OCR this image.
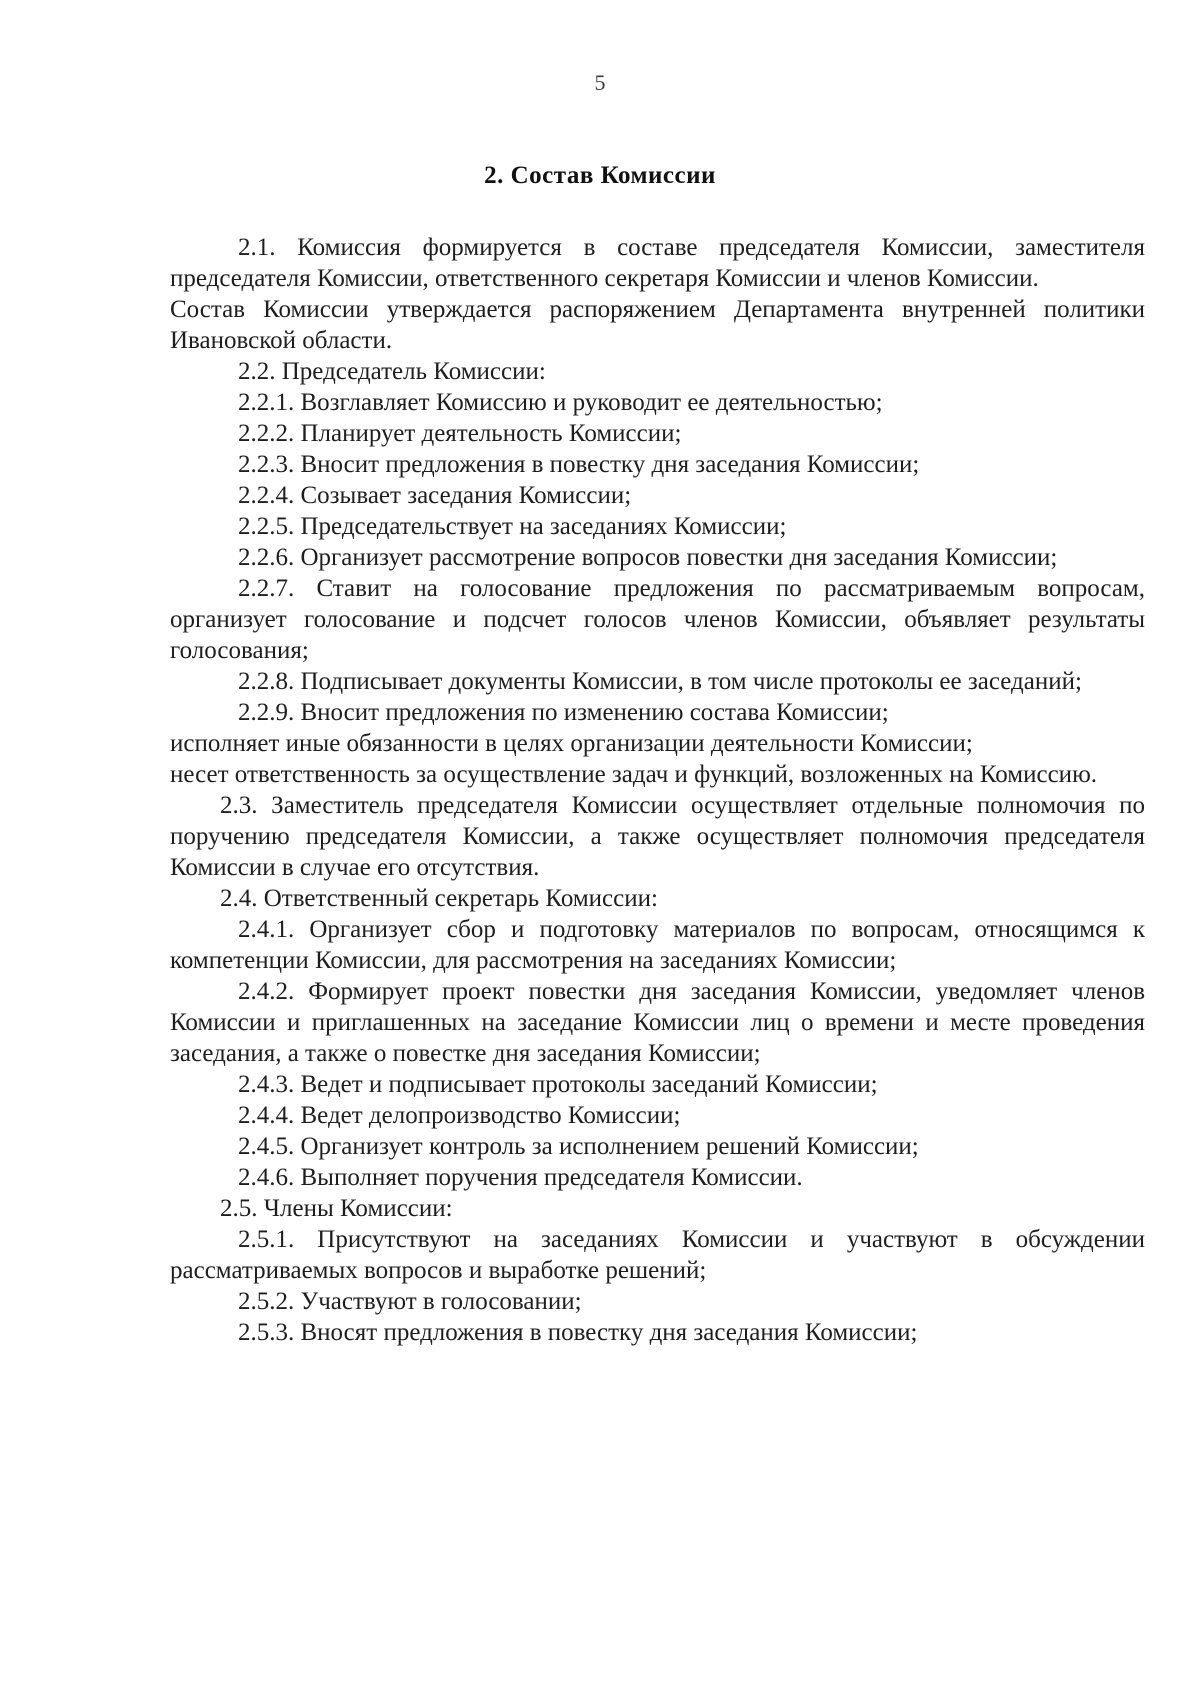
5
2. Состав Комиссии

2.1. Комиссия формируется в составе председателя Комиссии, заместителя председателя Комиссии, ответственного секретаря Комиссии и членов Комиссии.

Состав Комиссии утверждается распоряжением Департамента внутренней политики Ивановской области.

2.2. Председатель Комиссии:

2.2.1. Возглавляет Комиссию и руководит ее деятельностью;

2.2.2. Планирует деятельность Комиссии;

2.2.3. Вносит предложения в повестку дня заседания Комиссии;

2.2.4. Созывает заседания Комиссии;

2.2.5. Председательствует на заседаниях Комиссии;

2.2.6. Организует рассмотрение вопросов повестки дня заседания Комиссии;

2.2.7. Ставит на голосование предложения по рассматриваемым вопросам, организует голосование и подсчет голосов членов Комиссии, объявляет результаты голосования;

2.2.8. Подписывает документы Комиссии, в том числе протоколы ее заседаний;

2.2.9. Вносит предложения по изменению состава Комиссии;

исполняет иные обязанности в целях организации деятельности Комиссии;

несет ответственность за осуществление задач и функций, возложенных на Комиссию.

2.3. Заместитель председателя Комиссии осуществляет отдельные полномочия по поручению председателя Комиссии, а также осуществляет полномочия председателя Комиссии в случае его отсутствия.

2.4. Ответственный секретарь Комиссии:

2.4.1. Организует сбор и подготовку материалов по вопросам, относящимся к компетенции Комиссии, для рассмотрения на заседаниях Комиссии;

2.4.2. Формирует проект повестки дня заседания Комиссии, уведомляет членов Комиссии и приглашенных на заседание Комиссии лиц о времени и месте проведения заседания, а также о повестке дня заседания Комиссии;

2.4.3. Ведет и подписывает протоколы заседаний Комиссии;

2.4.4. Ведет делопроизводство Комиссии;

2.4.5. Организует контроль за исполнением решений Комиссии;

2.4.6. Выполняет поручения председателя Комиссии.

2.5. Члены Комиссии:

2.5.1. Присутствуют на заседаниях Комиссии и участвуют в обсуждении рассматриваемых вопросов и выработке решений;

2.5.2. Участвуют в голосовании;

2.5.3. Вносят предложения в повестку дня заседания Комиссии;
